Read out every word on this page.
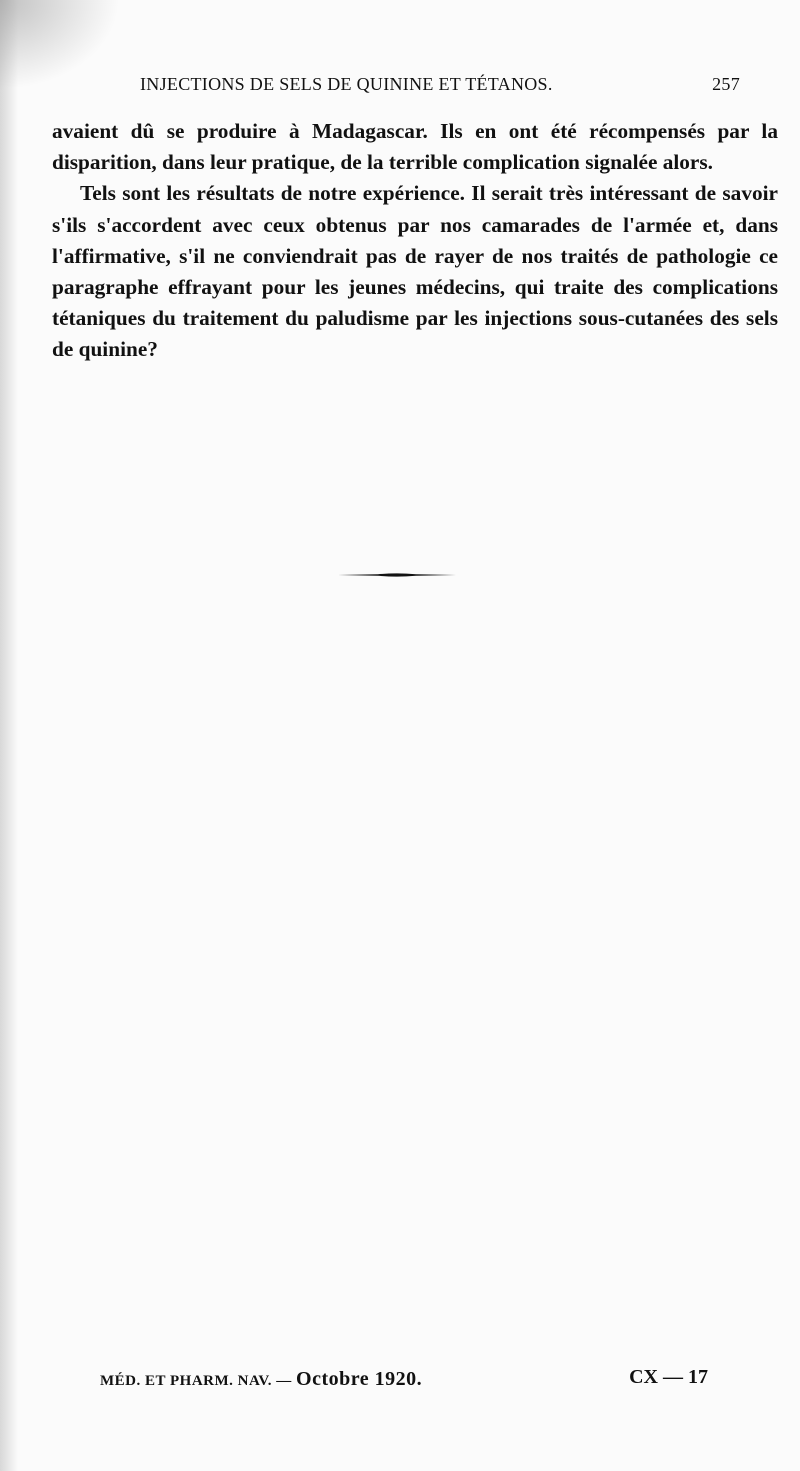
INJECTIONS DE SELS DE QUININE ET TÉTANOS.	257

avaient dû se produire à Madagascar. Ils en ont été récompensés par la disparition, dans leur pratique, de la terrible complication signalée alors.

Tels sont les résultats de notre expérience. Il serait très intéressant de savoir s'ils s'accordent avec ceux obtenus par nos camarades de l'armée et, dans l'affirmative, s'il ne conviendrait pas de rayer de nos traités de pathologie ce paragraphe effrayant pour les jeunes médecins, qui traite des complications tétaniques du traitement du paludisme par les injections sous-cutanées des sels de quinine?

MÉD. ET PHARM. NAV. — Octobre 1920.	CX — 17
